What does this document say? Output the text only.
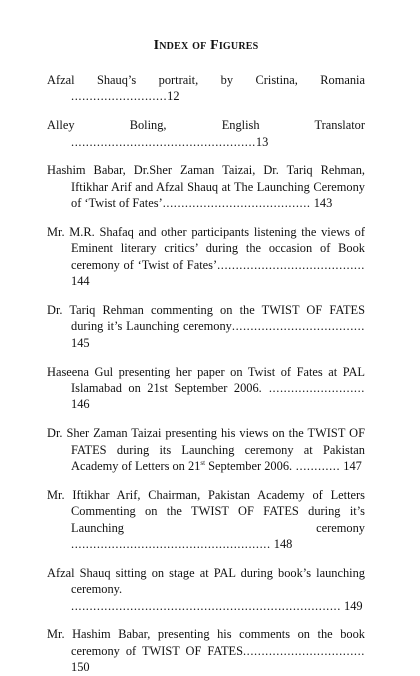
Index of Figures

Afzal Shauq’s portrait, by Cristina, Romania ..........................12

Alley Boling, English Translator ..................................................13

Hashim Babar, Dr.Sher Zaman Taizai, Dr. Tariq Rehman, Iftikhar Arif and Afzal Shauq at The Launching Ceremony of ‘Twist of Fates’........................................ 143

Mr. M.R. Shafaq and other participants listening the views of Eminent literary critics’ during the occasion of Book ceremony of ‘Twist of Fates’........................................ 144

Dr. Tariq Rehman commenting on the TWIST OF FATES during it’s Launching ceremony.................................... 145

Haseena Gul presenting her paper on Twist of Fates at PAL Islamabad on 21st September 2006. .......................... 146

Dr. Sher Zaman Taizai presenting his views on the TWIST OF FATES during its Launching ceremony at Pakistan Academy of Letters on 21st September 2006. ............ 147

Mr. Iftikhar Arif, Chairman, Pakistan Academy of Letters Commenting on the TWIST OF FATES during it’s Launching ceremony ...................................................... 148

Afzal Shauq sitting on stage at PAL during book’s launching ceremony. ......................................................................... 149

Mr. Hashim Babar, presenting his comments on the book ceremony of TWIST OF FATES................................. 150
